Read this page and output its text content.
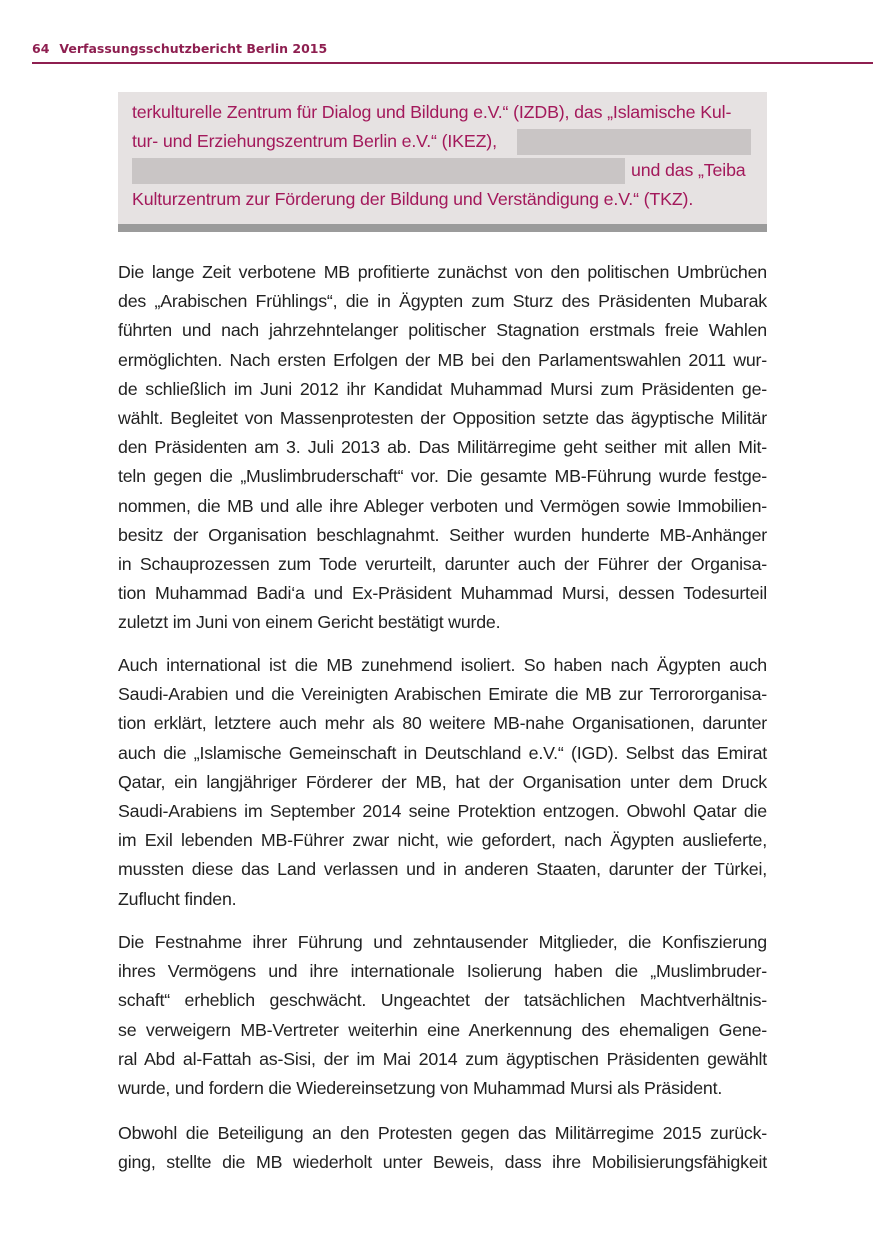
64 Verfassungsschutzbericht Berlin 2015
terkulturelle Zentrum für Dialog und Bildung e.V.“ (IZDB), das „Islamische Kul-
tur- und Erziehungszentrum Berlin e.V.“ (IKEZ),
und das „Teiba
Kulturzentrum zur Förderung der Bildung und Verständigung e.V.“ (TKZ).
Die lange Zeit verbotene MB profitierte zunächst von den politischen Umbrüchen
des „Arabischen Frühlings“, die in Ägypten zum Sturz des Präsidenten Mubarak
führten und nach jahrzehntelanger politischer Stagnation erstmals freie Wahlen
ermöglichten. Nach ersten Erfolgen der MB bei den Parlamentswahlen 2011 wur-
de schließlich im Juni 2012 ihr Kandidat Muhammad Mursi zum Präsidenten ge-
wählt. Begleitet von Massenprotesten der Opposition setzte das ägyptische Militär
den Präsidenten am 3. Juli 2013 ab. Das Militärregime geht seither mit allen Mit-
teln gegen die „Muslimbruderschaft“ vor. Die gesamte MB-Führung wurde festge-
nommen, die MB und alle ihre Ableger verboten und Vermögen sowie Immobilien-
besitz der Organisation beschlagnahmt. Seither wurden hunderte MB-Anhänger
in Schauprozessen zum Tode verurteilt, darunter auch der Führer der Organisa-
tion Muhammad Badi‘a und Ex-Präsident Muhammad Mursi, dessen Todesurteil
zuletzt im Juni von einem Gericht bestätigt wurde.
Auch international ist die MB zunehmend isoliert. So haben nach Ägypten auch
Saudi-Arabien und die Vereinigten Arabischen Emirate die MB zur Terrororganisa-
tion erklärt, letztere auch mehr als 80 weitere MB-nahe Organisationen, darunter
auch die „Islamische Gemeinschaft in Deutschland e.V.“ (IGD). Selbst das Emirat
Qatar, ein langjähriger Förderer der MB, hat der Organisation unter dem Druck
Saudi-Arabiens im September 2014 seine Protektion entzogen. Obwohl Qatar die
im Exil lebenden MB-Führer zwar nicht, wie gefordert, nach Ägypten auslieferte,
mussten diese das Land verlassen und in anderen Staaten, darunter der Türkei,
Zuflucht finden.
Die Festnahme ihrer Führung und zehntausender Mitglieder, die Konfiszierung
ihres Vermögens und ihre internationale Isolierung haben die „Muslimbruder-
schaft“ erheblich geschwächt. Ungeachtet der tatsächlichen Machtverhältnis-
se verweigern MB-Vertreter weiterhin eine Anerkennung des ehemaligen Gene-
ral Abd al-Fattah as-Sisi, der im Mai 2014 zum ägyptischen Präsidenten gewählt
wurde, und fordern die Wiedereinsetzung von Muhammad Mursi als Präsident.
Obwohl die Beteiligung an den Protesten gegen das Militärregime 2015 zurück-
ging, stellte die MB wiederholt unter Beweis, dass ihre Mobilisierungsfähigkeit
